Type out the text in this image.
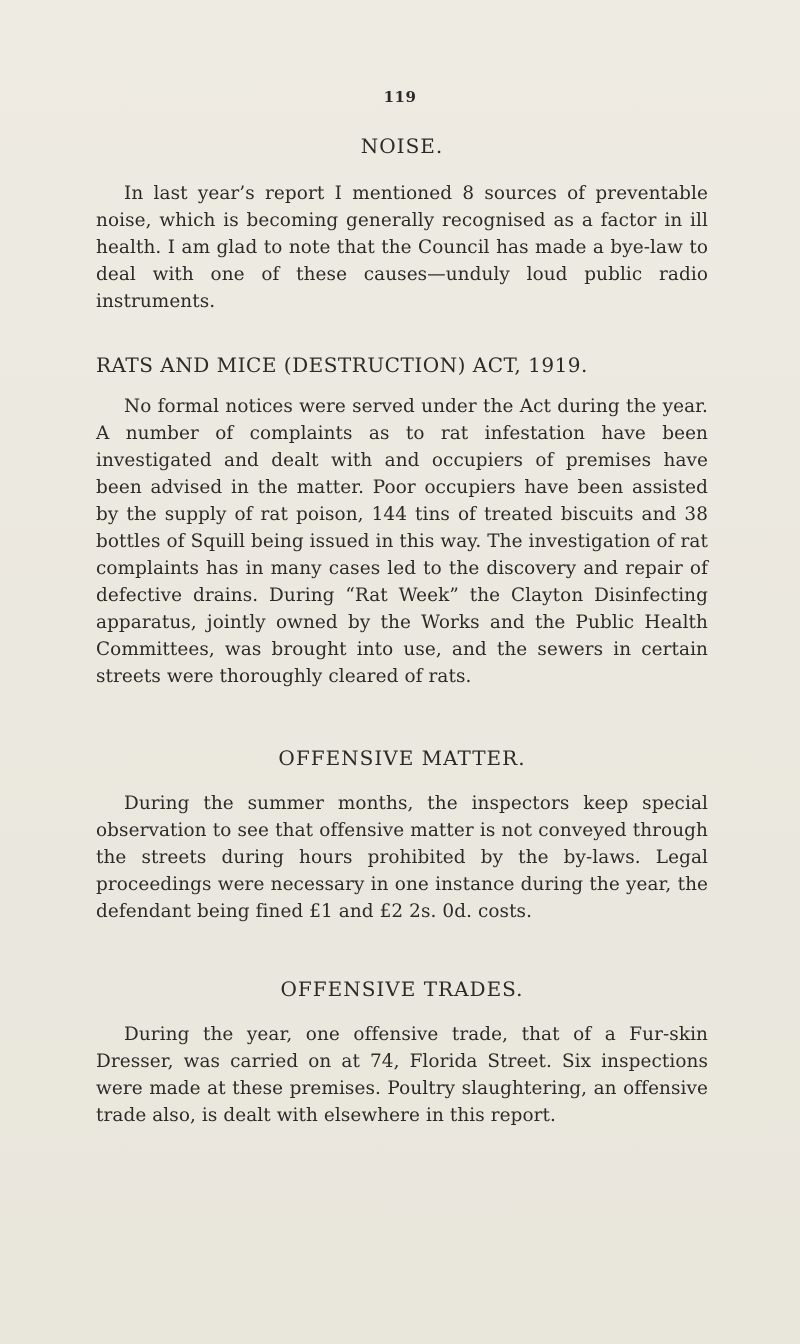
119
NOISE.

In last year’s report I mentioned 8 sources of preventable noise, which is becoming generally recognised as a factor in ill health. I am glad to note that the Council has made a bye-law to deal with one of these causes—unduly loud public radio instruments.

RATS AND MICE (DESTRUCTION) ACT, 1919.

No formal notices were served under the Act during the year. A number of complaints as to rat infestation have been investigated and dealt with and occupiers of premises have been advised in the matter. Poor occupiers have been assisted by the supply of rat poison, 144 tins of treated biscuits and 38 bottles of Squill being issued in this way. The investigation of rat complaints has in many cases led to the discovery and repair of defective drains. During “Rat Week” the Clayton Disinfecting apparatus, jointly owned by the Works and the Public Health Committees, was brought into use, and the sewers in certain streets were thoroughly cleared of rats.

OFFENSIVE MATTER.

During the summer months, the inspectors keep special observation to see that offensive matter is not conveyed through the streets during hours prohibited by the by-laws. Legal proceedings were necessary in one instance during the year, the defendant being fined £1 and £2 2s. 0d. costs.

OFFENSIVE TRADES.

During the year, one offensive trade, that of a Fur-skin Dresser, was carried on at 74, Florida Street. Six inspections were made at these premises. Poultry slaughtering, an offensive trade also, is dealt with elsewhere in this report.
